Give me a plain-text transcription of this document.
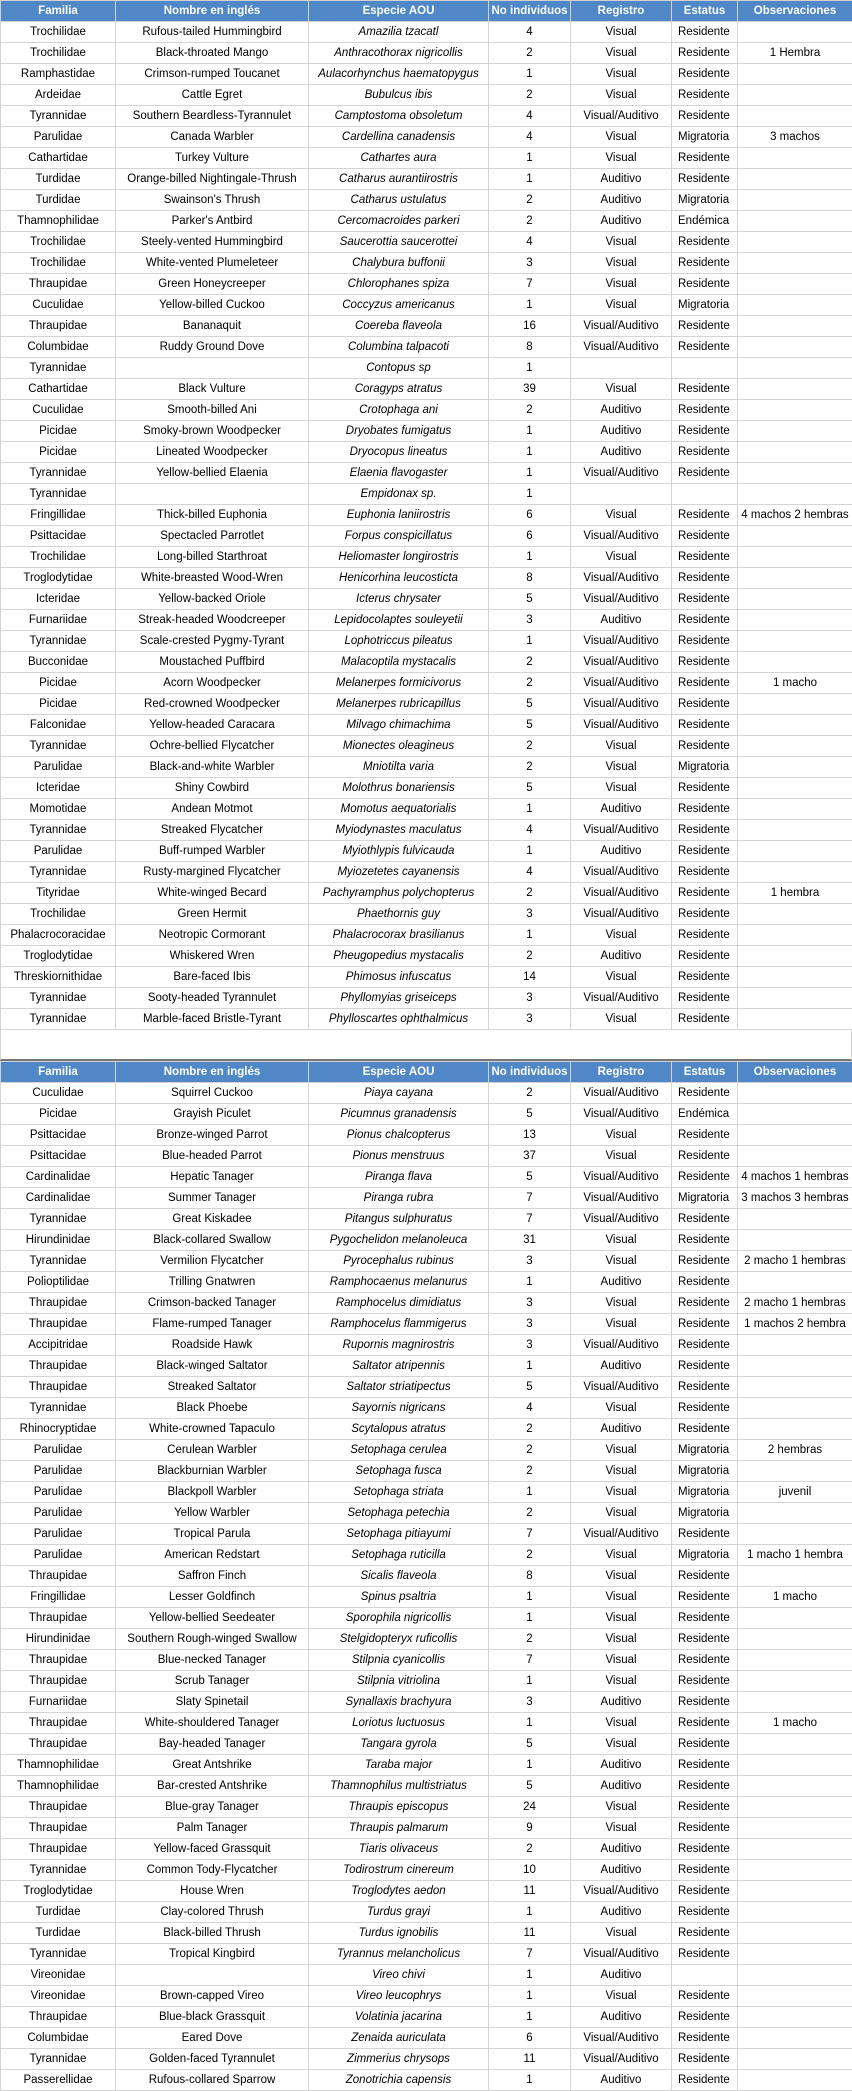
Familia	Nombre en inglés	Especie AOU	No individuos	Registro	Estatus	Observaciones
Trochilidae	Rufous-tailed Hummingbird	Amazilia tzacatl	4	Visual	Residente	
Trochilidae	Black-throated Mango	Anthracothorax nigricollis	2	Visual	Residente	1 Hembra
Ramphastidae	Crimson-rumped Toucanet	Aulacorhynchus haematopygus	1	Visual	Residente	
Ardeidae	Cattle Egret	Bubulcus ibis	2	Visual	Residente	
Tyrannidae	Southern Beardless-Tyrannulet	Camptostoma obsoletum	4	Visual/Auditivo	Residente	
Parulidae	Canada Warbler	Cardellina canadensis	4	Visual	Migratoria	3 machos
Cathartidae	Turkey Vulture	Cathartes aura	1	Visual	Residente	
Turdidae	Orange-billed Nightingale-Thrush	Catharus aurantiirostris	1	Auditivo	Residente	
Turdidae	Swainson's Thrush	Catharus ustulatus	2	Auditivo	Migratoria	
Thamnophilidae	Parker's Antbird	Cercomacroides parkeri	2	Auditivo	Endémica	
Trochilidae	Steely-vented Hummingbird	Saucerottia saucerottei	4	Visual	Residente	
Trochilidae	White-vented Plumeleteer	Chalybura buffonii	3	Visual	Residente	
Thraupidae	Green Honeycreeper	Chlorophanes spiza	7	Visual	Residente	
Cuculidae	Yellow-billed Cuckoo	Coccyzus americanus	1	Visual	Migratoria	
Thraupidae	Bananaquit	Coereba flaveola	16	Visual/Auditivo	Residente	
Columbidae	Ruddy Ground Dove	Columbina talpacoti	8	Visual/Auditivo	Residente	
Tyrannidae		Contopus sp	1			
Cathartidae	Black Vulture	Coragyps atratus	39	Visual	Residente	
Cuculidae	Smooth-billed Ani	Crotophaga ani	2	Auditivo	Residente	
Picidae	Smoky-brown Woodpecker	Dryobates fumigatus	1	Auditivo	Residente	
Picidae	Lineated Woodpecker	Dryocopus lineatus	1	Auditivo	Residente	
Tyrannidae	Yellow-bellied Elaenia	Elaenia flavogaster	1	Visual/Auditivo	Residente	
Tyrannidae		Empidonax sp.	1			
Fringillidae	Thick-billed Euphonia	Euphonia laniirostris	6	Visual	Residente	4 machos 2 hembras
Psittacidae	Spectacled Parrotlet	Forpus conspicillatus	6	Visual/Auditivo	Residente	
Trochilidae	Long-billed Starthroat	Heliomaster longirostris	1	Visual	Residente	
Troglodytidae	White-breasted Wood-Wren	Henicorhina leucosticta	8	Visual/Auditivo	Residente	
Icteridae	Yellow-backed Oriole	Icterus chrysater	5	Visual/Auditivo	Residente	
Furnariidae	Streak-headed Woodcreeper	Lepidocolaptes souleyetii	3	Auditivo	Residente	
Tyrannidae	Scale-crested Pygmy-Tyrant	Lophotriccus pileatus	1	Visual/Auditivo	Residente	
Bucconidae	Moustached Puffbird	Malacoptila mystacalis	2	Visual/Auditivo	Residente	
Picidae	Acorn Woodpecker	Melanerpes formicivorus	2	Visual/Auditivo	Residente	1 macho
Picidae	Red-crowned Woodpecker	Melanerpes rubricapillus	5	Visual/Auditivo	Residente	
Falconidae	Yellow-headed Caracara	Milvago chimachima	5	Visual/Auditivo	Residente	
Tyrannidae	Ochre-bellied Flycatcher	Mionectes oleagineus	2	Visual	Residente	
Parulidae	Black-and-white Warbler	Mniotilta varia	2	Visual	Migratoria	
Icteridae	Shiny Cowbird	Molothrus bonariensis	5	Visual	Residente	
Momotidae	Andean Motmot	Momotus aequatorialis	1	Auditivo	Residente	
Tyrannidae	Streaked Flycatcher	Myiodynastes maculatus	4	Visual/Auditivo	Residente	
Parulidae	Buff-rumped Warbler	Myiothlypis fulvicauda	1	Auditivo	Residente	
Tyrannidae	Rusty-margined Flycatcher	Myiozetetes cayanensis	4	Visual/Auditivo	Residente	
Tityridae	White-winged Becard	Pachyramphus polychopterus	2	Visual/Auditivo	Residente	1 hembra
Trochilidae	Green Hermit	Phaethornis guy	3	Visual/Auditivo	Residente	
Phalacrocoracidae	Neotropic Cormorant	Phalacrocorax brasilianus	1	Visual	Residente	
Troglodytidae	Whiskered Wren	Pheugopedius mystacalis	2	Auditivo	Residente	
Threskiornithidae	Bare-faced Ibis	Phimosus infuscatus	14	Visual	Residente	
Tyrannidae	Sooty-headed Tyrannulet	Phyllomyias griseiceps	3	Visual/Auditivo	Residente	
Tyrannidae	Marble-faced Bristle-Tyrant	Phylloscartes ophthalmicus	3	Visual	Residente	
Familia	Nombre en inglés	Especie AOU	No individuos	Registro	Estatus	Observaciones
Cuculidae	Squirrel Cuckoo	Piaya cayana	2	Visual/Auditivo	Residente	
Picidae	Grayish Piculet	Picumnus granadensis	5	Visual/Auditivo	Endémica	
Psittacidae	Bronze-winged Parrot	Pionus chalcopterus	13	Visual	Residente	
Psittacidae	Blue-headed Parrot	Pionus menstruus	37	Visual	Residente	
Cardinalidae	Hepatic Tanager	Piranga flava	5	Visual/Auditivo	Residente	4 machos 1 hembras
Cardinalidae	Summer Tanager	Piranga rubra	7	Visual/Auditivo	Migratoria	3 machos 3 hembras
Tyrannidae	Great Kiskadee	Pitangus sulphuratus	7	Visual/Auditivo	Residente	
Hirundinidae	Black-collared Swallow	Pygochelidon melanoleuca	31	Visual	Residente	
Tyrannidae	Vermilion Flycatcher	Pyrocephalus rubinus	3	Visual	Residente	2 macho 1 hembras
Polioptilidae	Trilling Gnatwren	Ramphocaenus melanurus	1	Auditivo	Residente	
Thraupidae	Crimson-backed Tanager	Ramphocelus dimidiatus	3	Visual	Residente	2 macho 1 hembras
Thraupidae	Flame-rumped Tanager	Ramphocelus flammigerus	3	Visual	Residente	1 machos 2 hembra
Accipitridae	Roadside Hawk	Rupornis magnirostris	3	Visual/Auditivo	Residente	
Thraupidae	Black-winged Saltator	Saltator atripennis	1	Auditivo	Residente	
Thraupidae	Streaked Saltator	Saltator striatipectus	5	Visual/Auditivo	Residente	
Tyrannidae	Black Phoebe	Sayornis nigricans	4	Visual	Residente	
Rhinocryptidae	White-crowned Tapaculo	Scytalopus atratus	2	Auditivo	Residente	
Parulidae	Cerulean Warbler	Setophaga cerulea	2	Visual	Migratoria	2 hembras
Parulidae	Blackburnian Warbler	Setophaga fusca	2	Visual	Migratoria	
Parulidae	Blackpoll Warbler	Setophaga striata	1	Visual	Migratoria	juvenil
Parulidae	Yellow Warbler	Setophaga petechia	2	Visual	Migratoria	
Parulidae	Tropical Parula	Setophaga pitiayumi	7	Visual/Auditivo	Residente	
Parulidae	American Redstart	Setophaga ruticilla	2	Visual	Migratoria	1 macho 1 hembra
Thraupidae	Saffron Finch	Sicalis flaveola	8	Visual	Residente	
Fringillidae	Lesser Goldfinch	Spinus psaltria	1	Visual	Residente	1 macho
Thraupidae	Yellow-bellied Seedeater	Sporophila nigricollis	1	Visual	Residente	
Hirundinidae	Southern Rough-winged Swallow	Stelgidopteryx ruficollis	2	Visual	Residente	
Thraupidae	Blue-necked Tanager	Stilpnia cyanicollis	7	Visual	Residente	
Thraupidae	Scrub Tanager	Stilpnia vitriolina	1	Visual	Residente	
Furnariidae	Slaty Spinetail	Synallaxis brachyura	3	Auditivo	Residente	
Thraupidae	White-shouldered Tanager	Loriotus luctuosus	1	Visual	Residente	1 macho
Thraupidae	Bay-headed Tanager	Tangara gyrola	5	Visual	Residente	
Thamnophilidae	Great Antshrike	Taraba major	1	Auditivo	Residente	
Thamnophilidae	Bar-crested Antshrike	Thamnophilus multistriatus	5	Auditivo	Residente	
Thraupidae	Blue-gray Tanager	Thraupis episcopus	24	Visual	Residente	
Thraupidae	Palm Tanager	Thraupis palmarum	9	Visual	Residente	
Thraupidae	Yellow-faced Grassquit	Tiaris olivaceus	2	Auditivo	Residente	
Tyrannidae	Common Tody-Flycatcher	Todirostrum cinereum	10	Auditivo	Residente	
Troglodytidae	House Wren	Troglodytes aedon	11	Visual/Auditivo	Residente	
Turdidae	Clay-colored Thrush	Turdus grayi	1	Auditivo	Residente	
Turdidae	Black-billed Thrush	Turdus ignobilis	11	Visual	Residente	
Tyrannidae	Tropical Kingbird	Tyrannus melancholicus	7	Visual/Auditivo	Residente	
Vireonidae		Vireo chivi	1	Auditivo		
Vireonidae	Brown-capped Vireo	Vireo leucophrys	1	Visual	Residente	
Thraupidae	Blue-black Grassquit	Volatinia jacarina	1	Auditivo	Residente	
Columbidae	Eared Dove	Zenaida auriculata	6	Visual/Auditivo	Residente	
Tyrannidae	Golden-faced Tyrannulet	Zimmerius chrysops	11	Visual/Auditivo	Residente	
Passerellidae	Rufous-collared Sparrow	Zonotrichia capensis	1	Auditivo	Residente	
